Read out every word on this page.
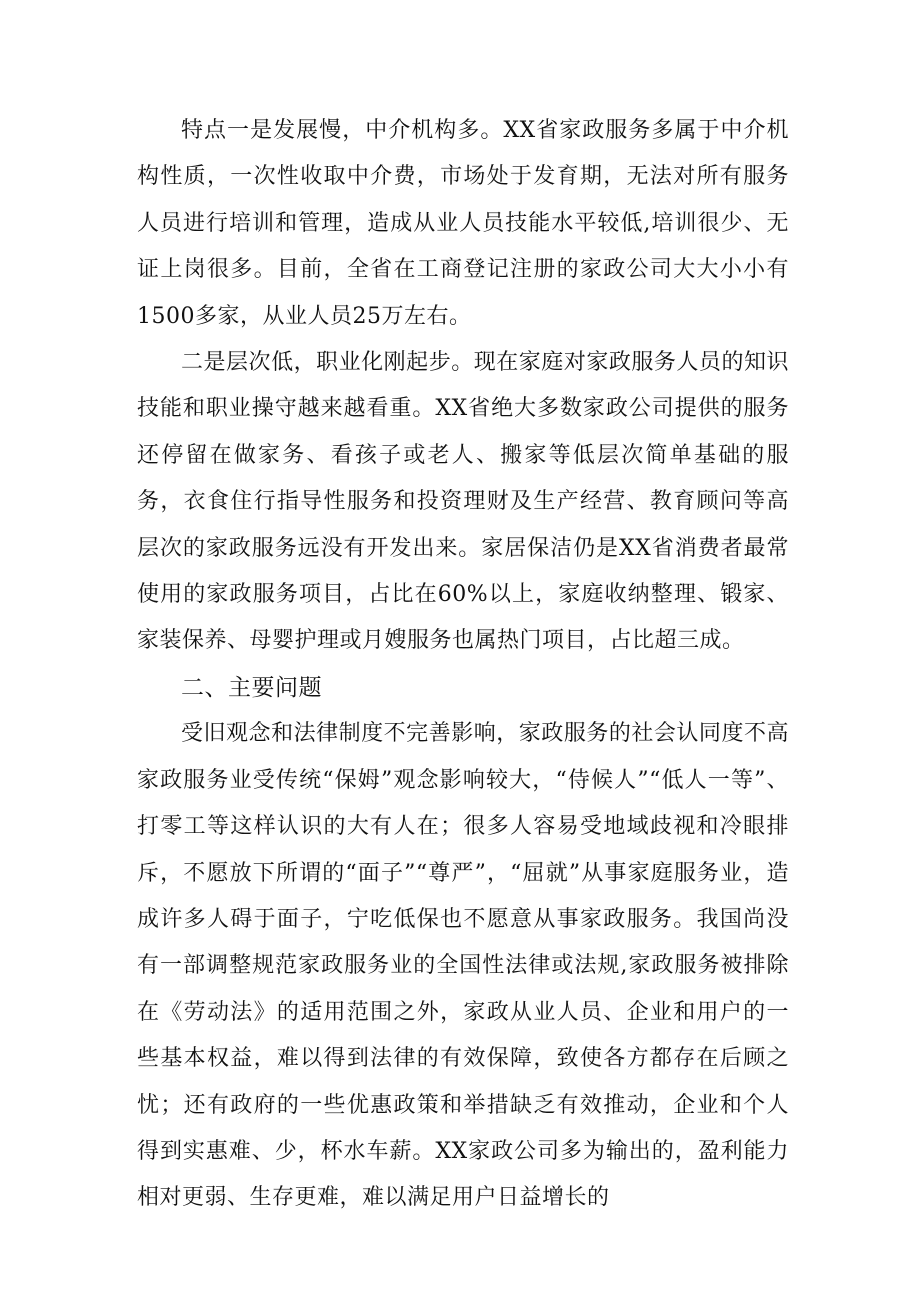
特点一是发展慢，中介机构多。XX省家政服务多属于中介机构性质，一次性收取中介费，市场处于发育期，无法对所有服务人员进行培训和管理，造成从业人员技能水平较低,培训很少、无证上岗很多。目前，全省在工商登记注册的家政公司大大小小有1500多家，从业人员25万左右。

二是层次低，职业化刚起步。现在家庭对家政服务人员的知识技能和职业操守越来越看重。XX省绝大多数家政公司提供的服务还停留在做家务、看孩子或老人、搬家等低层次简单基础的服务，衣食住行指导性服务和投资理财及生产经营、教育顾问等高层次的家政服务远没有开发出来。家居保洁仍是XX省消费者最常使用的家政服务项目，占比在60%以上，家庭收纳整理、锻家、家装保养、母婴护理或月嫂服务也属热门项目，占比超三成。

二、主要问题

受旧观念和法律制度不完善影响，家政服务的社会认同度不高家政服务业受传统“保姆”观念影响较大，“侍候人”“低人一等”、打零工等这样认识的大有人在；很多人容易受地域歧视和冷眼排斥，不愿放下所谓的“面子”“尊严”，“屈就”从事家庭服务业，造成许多人碍于面子，宁吃低保也不愿意从事家政服务。我国尚没有一部调整规范家政服务业的全国性法律或法规,家政服务被排除在《劳动法》的适用范围之外，家政从业人员、企业和用户的一些基本权益，难以得到法律的有效保障，致使各方都存在后顾之忧；还有政府的一些优惠政策和举措缺乏有效推动，企业和个人得到实惠难、少，杯水车薪。XX家政公司多为输出的，盈利能力相对更弱、生存更难，难以满足用户日益增长的
